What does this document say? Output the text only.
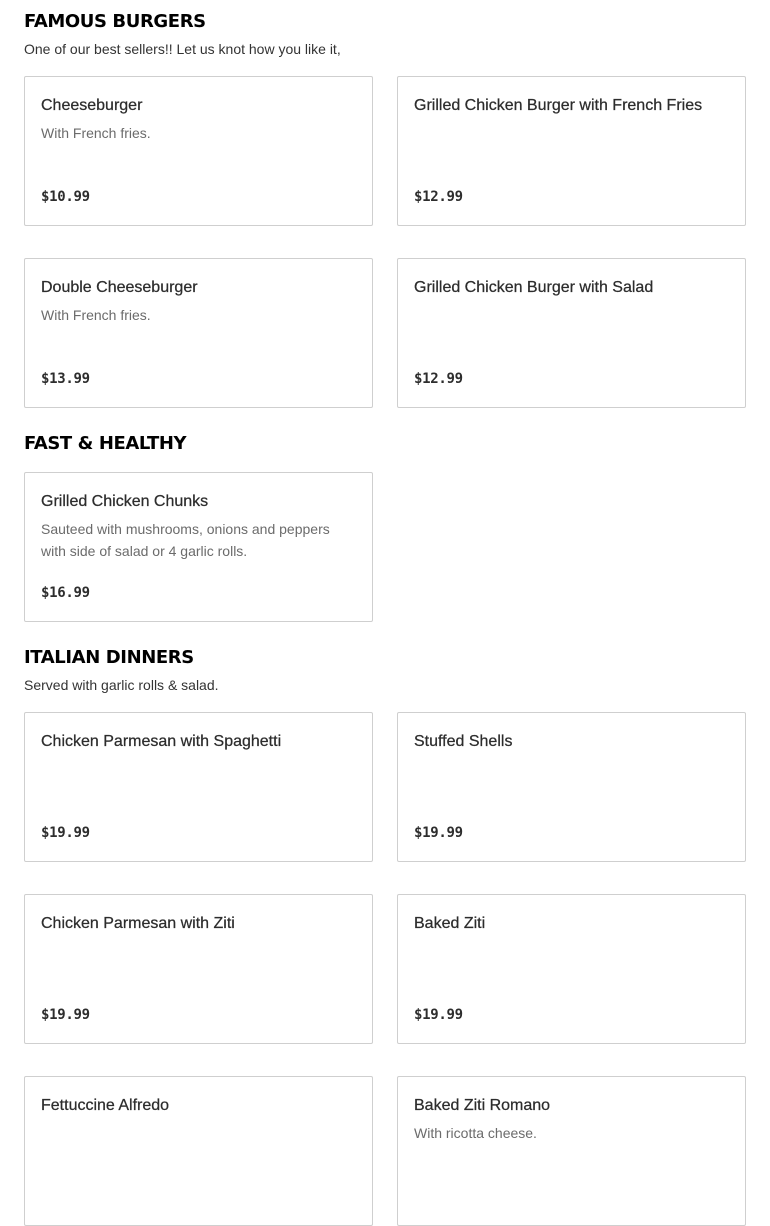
FAMOUS BURGERS

One of our best sellers!! Let us knot how you like it,

Cheeseburger
With French fries.
$10.99
Grilled Chicken Burger with French Fries
$12.99
Double Cheeseburger
With French fries.
$13.99
Grilled Chicken Burger with Salad
$12.99
FAST & HEALTHY
Grilled Chicken Chunks
Sauteed with mushrooms, onions and peppers with side of salad or 4 garlic rolls.
$16.99
ITALIAN DINNERS

Served with garlic rolls & salad.

Chicken Parmesan with Spaghetti
$19.99
Stuffed Shells
$19.99
Chicken Parmesan with Ziti
$19.99
Baked Ziti
$19.99
Fettuccine Alfredo	Baked Ziti Romano
With ricotta cheese.
